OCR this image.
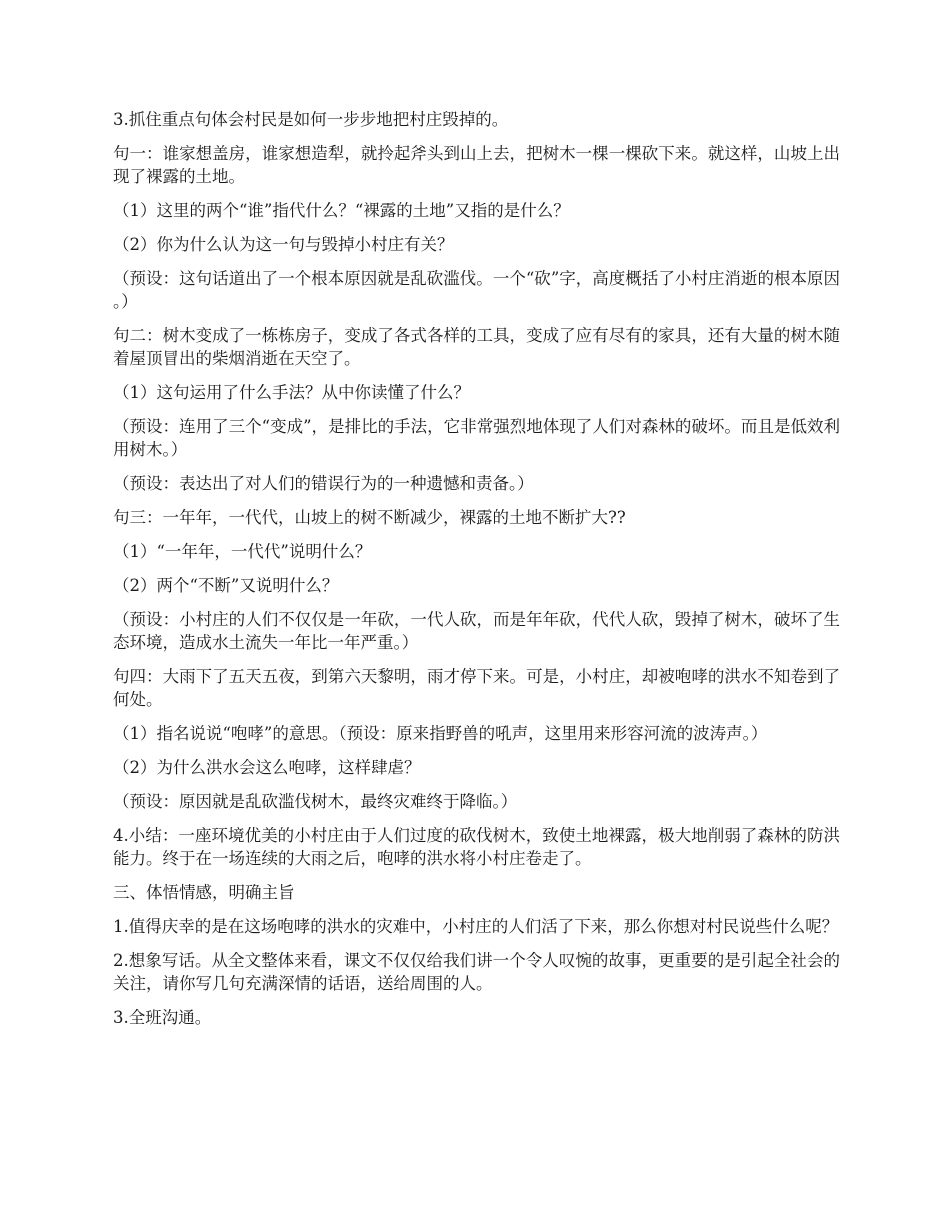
3.抓住重点句体会村民是如何一步步地把村庄毁掉的。

句一：谁家想盖房，谁家想造犁，就拎起斧头到山上去，把树木一棵一棵砍下来。就这样，山坡上出现了裸露的土地。

（1）这里的两个“谁”指代什么？“裸露的土地”又指的是什么？

（2）你为什么认为这一句与毁掉小村庄有关？

（预设：这句话道出了一个根本原因就是乱砍滥伐。一个“砍”字，高度概括了小村庄消逝的根本原因。）

句二：树木变成了一栋栋房子，变成了各式各样的工具，变成了应有尽有的家具，还有大量的树木随着屋顶冒出的柴烟消逝在天空了。

（1）这句运用了什么手法？从中你读懂了什么？

（预设：连用了三个“变成”，是排比的手法，它非常强烈地体现了人们对森林的破坏。而且是低效利用树木。）

（预设：表达出了对人们的错误行为的一种遗憾和责备。）

句三：一年年，一代代，山坡上的树不断减少，裸露的土地不断扩大??

（1）“一年年，一代代”说明什么？

（2）两个“不断”又说明什么？

（预设：小村庄的人们不仅仅是一年砍，一代人砍，而是年年砍，代代人砍，毁掉了树木，破坏了生态环境，造成水土流失一年比一年严重。）

句四：大雨下了五天五夜，到第六天黎明，雨才停下来。可是，小村庄，却被咆哮的洪水不知卷到了何处。

（1）指名说说“咆哮”的意思。（预设：原来指野兽的吼声，这里用来形容河流的波涛声。）

（2）为什么洪水会这么咆哮，这样肆虐？

（预设：原因就是乱砍滥伐树木，最终灾难终于降临。）

4.小结：一座环境优美的小村庄由于人们过度的砍伐树木，致使土地裸露，极大地削弱了森林的防洪能力。终于在一场连续的大雨之后，咆哮的洪水将小村庄卷走了。

三、体悟情感，明确主旨

1.值得庆幸的是在这场咆哮的洪水的灾难中，小村庄的人们活了下来，那么你想对村民说些什么呢？

2.想象写话。从全文整体来看，课文不仅仅给我们讲一个令人叹惋的故事，更重要的是引起全社会的关注，请你写几句充满深情的话语，送给周围的人。

3.全班沟通。
